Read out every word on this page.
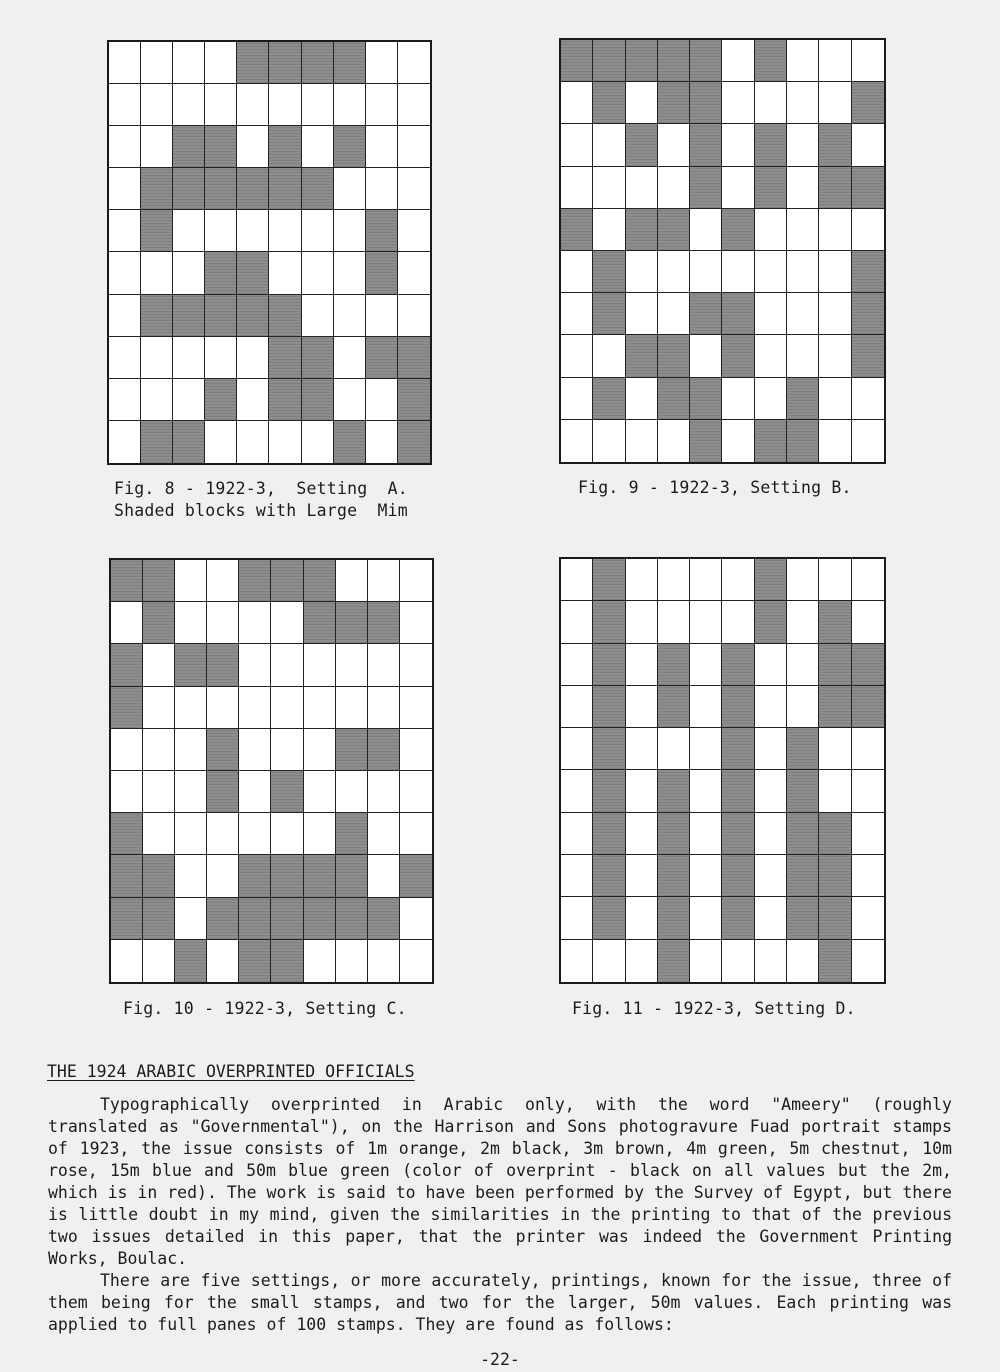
Fig. 8 - 1922-3,  Setting  A.
Shaded blocks with Large  Mim
Fig. 9 - 1922-3, Setting B.
Fig. 10 - 1922-3, Setting C.	Fig. 11 - 1922-3, Setting D.
THE 1924 ARABIC OVERPRINTED OFFICIALS

Typographically overprinted in Arabic only, with the word "Ameery" (roughly translated as "Governmental"), on the Harrison and Sons photogravure Fuad portrait stamps of 1923, the issue consists of 1m orange, 2m black, 3m brown, 4m green, 5m chestnut, 10m rose, 15m blue and 50m blue green (color of overprint - black on all values but the 2m, which is in red). The work is said to have been performed by the Survey of Egypt, but there is little doubt in my mind, given the similarities in the printing to that of the previous two issues detailed in this paper, that the printer was indeed the Government Printing Works, Boulac.

There are five settings, or more accurately, printings, known for the issue, three of them being for the small stamps, and two for the larger, 50m values. Each printing was applied to full panes of 100 stamps. They are found as follows:

-22-
